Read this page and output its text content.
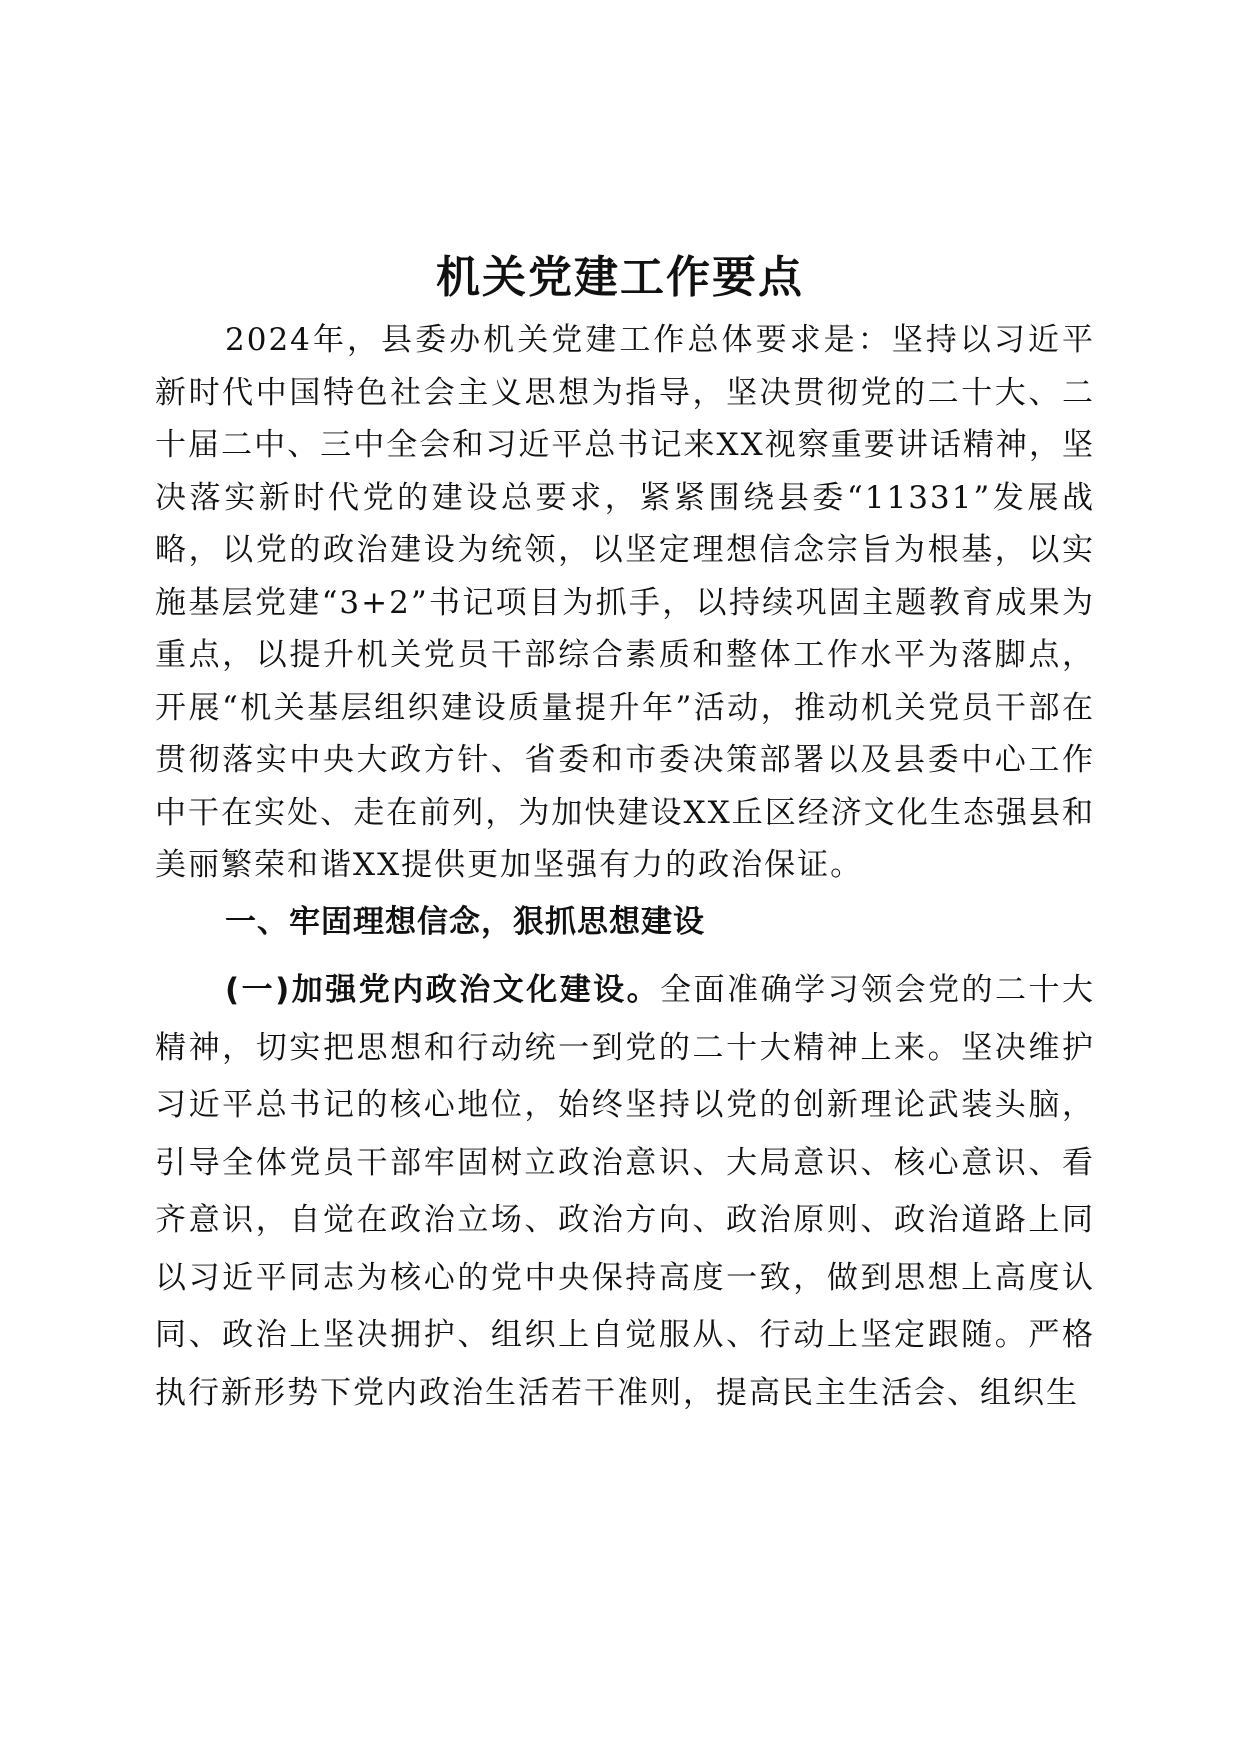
机关党建工作要点

2024年，县委办机关党建工作总体要求是：坚持以习近平新时代中国特色社会主义思想为指导，坚决贯彻党的二十大、二十届二中、三中全会和习近平总书记来XX视察重要讲话精神，坚决落实新时代党的建设总要求，紧紧围绕县委“11331”发展战略，以党的政治建设为统领，以坚定理想信念宗旨为根基，以实施基层党建“3+2”书记项目为抓手，以持续巩固主题教育成果为重点，以提升机关党员干部综合素质和整体工作水平为落脚点，开展“机关基层组织建设质量提升年”活动，推动机关党员干部在贯彻落实中央大政方针、省委和市委决策部署以及县委中心工作中干在实处、走在前列，为加快建设XX丘区经济文化生态强县和美丽繁荣和谐XX提供更加坚强有力的政治保证。

一、牢固理想信念，狠抓思想建设

(一)加强党内政治文化建设。全面准确学习领会党的二十大精神，切实把思想和行动统一到党的二十大精神上来。坚决维护习近平总书记的核心地位，始终坚持以党的创新理论武装头脑，引导全体党员干部牢固树立政治意识、大局意识、核心意识、看齐意识，自觉在政治立场、政治方向、政治原则、政治道路上同以习近平同志为核心的党中央保持高度一致，做到思想上高度认同、政治上坚决拥护、组织上自觉服从、行动上坚定跟随。严格执行新形势下党内政治生活若干准则，提高民主生活会、组织生
